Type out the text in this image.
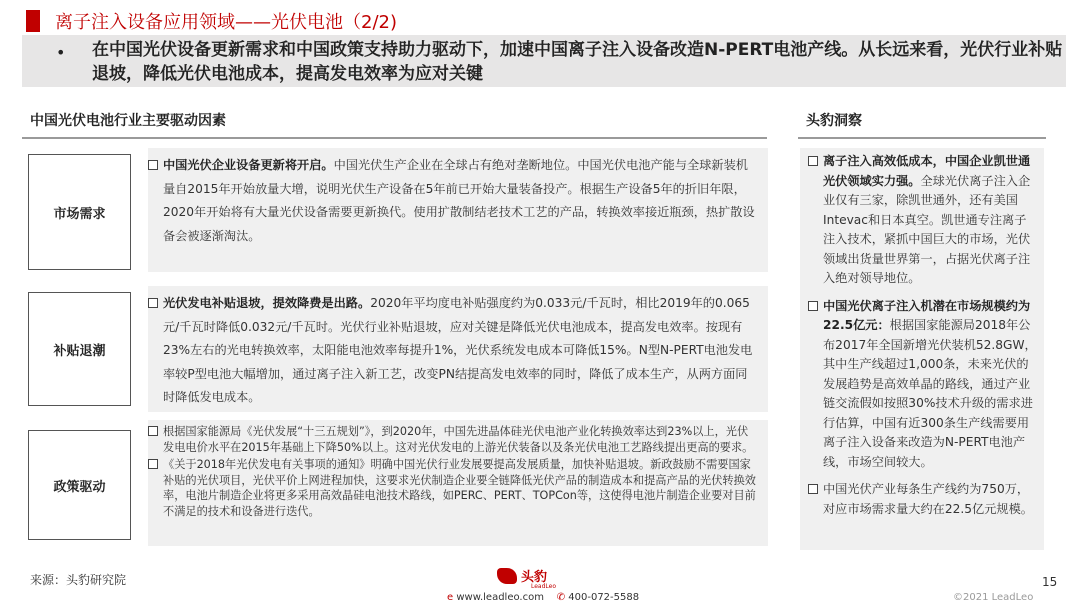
离子注入设备应用领域——光伏电池（2/2)
• 在中国光伏设备更新需求和中国政策支持助力驱动下，加速中国离子注入设备改造N-PERT电池产线。从长远来看，光伏行业补贴退坡，降低光伏电池成本，提高发电效率为应对关键
中国光伏电池行业主要驱动因素	头豹洞察
市场需求
中国光伏企业设备更新将开启。中国光伏生产企业在全球占有绝对垄断地位。中国光伏电池产能与全球新装机量自2015年开始放量大增，说明光伏生产设备在5年前已开始大量装备投产。根据生产设备5年的折旧年限，2020年开始将有大量光伏设备需要更新换代。使用扩散制结老技术工艺的产品，转换效率接近瓶颈，热扩散设备会被逐渐淘汰。
补贴退潮
光伏发电补贴退坡，提效降费是出路。2020年平均度电补贴强度约为0.033元/千瓦时，相比2019年的0.065元/千瓦时降低0.032元/千瓦时。光伏行业补贴退坡，应对关键是降低光伏电池成本，提高发电效率。按现有23%左右的光电转换效率，太阳能电池效率每提升1%，光伏系统发电成本可降低15%。N型N-PERT电池发电率较P型电池大幅增加，通过离子注入新工艺，改变PN结提高发电效率的同时，降低了成本生产，从两方面同时降低发电成本。
政策驱动
根据国家能源局《光伏发展“十三五规划”》，到2020年，中国先进晶体硅光伏电池产业化转换效率达到23%以上，光伏发电电价水平在2015年基础上下降50%以上。这对光伏发电的上游光伏装备以及条光伏电池工艺路线提出更高的要求。
《关于2018年光伏发电有关事项的通知》明确中国光伏行业发展要提高发展质量，加快补贴退坡。新政鼓励不需要国家补贴的光伏项目，光伏平价上网进程加快，这要求光伏制造企业要全链降低光伏产品的制造成本和提高产品的光伏转换效率，电池片制造企业将更多采用高效晶硅电池技术路线，如PERC、PERT、TOPCon等，这使得电池片制造企业要对目前不满足的技术和设备进行迭代。
离子注入高效低成本，中国企业凯世通光伏领域实力强。全球光伏离子注入企业仅有三家，除凯世通外，还有美国Intevac和日本真空。凯世通专注离子注入技术，紧抓中国巨大的市场，光伏领域出货量世界第一，占据光伏离子注入绝对领导地位。
中国光伏离子注入机潜在市场规模约为22.5亿元：根据国家能源局2018年公布2017年全国新增光伏装机52.8GW，其中生产线超过1,000条，未来光伏的发展趋势是高效单晶的路线，通过产业链交流假如按照30%技术升级的需求进行估算，中国有近300条生产线需要用离子注入设备来改造为N-PERT电池产线，市场空间较大。
中国光伏产业每条生产线约为750万，对应市场需求量大约在22.5亿元规模。
来源：头豹研究院	头豹
LeadLeo
e www.leadleo.com ✆ 400-072-5588
15
©2021 LeadLeo
